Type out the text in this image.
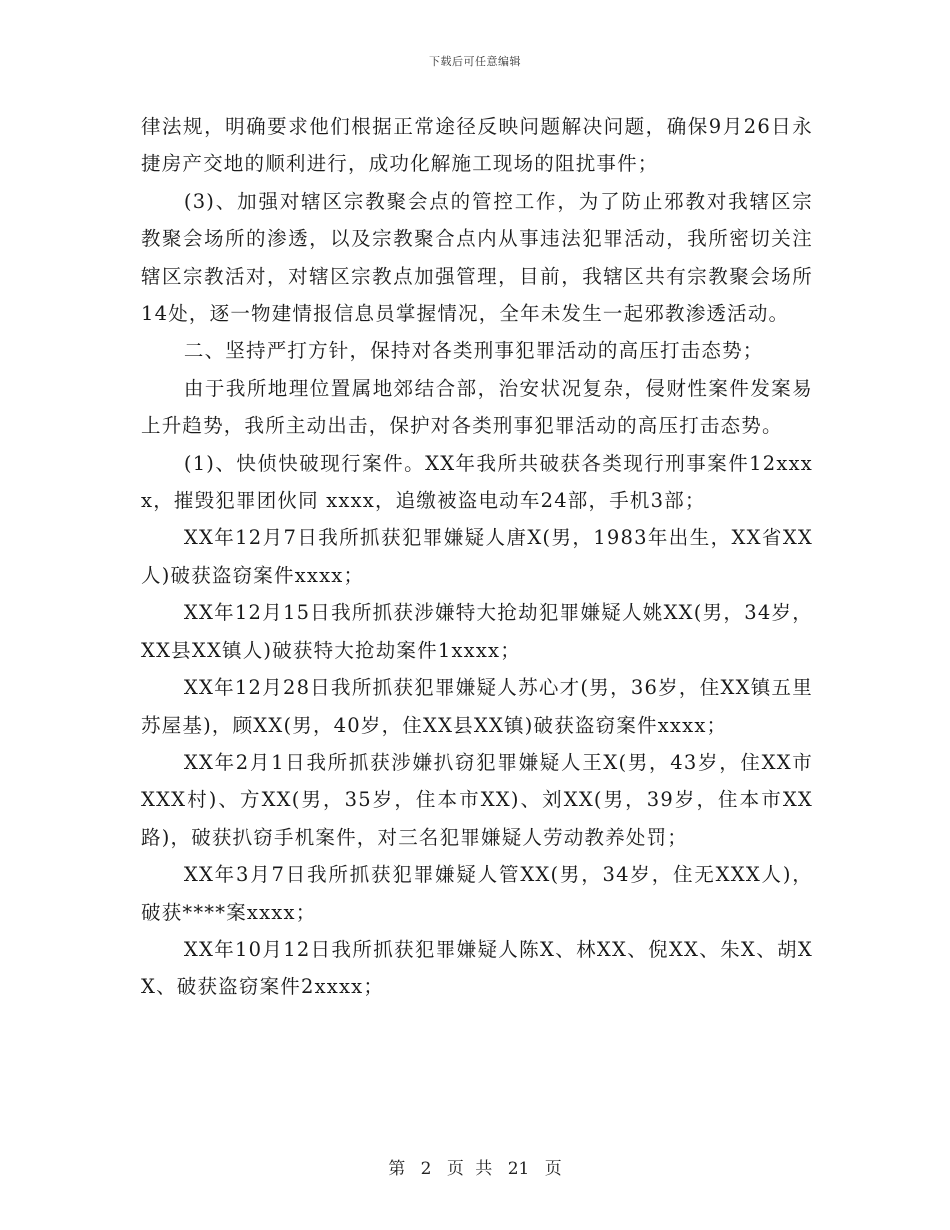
下载后可任意编辑

律法规，明确要求他们根据正常途径反映问题解决问题，确保9月26日永捷房产交地的顺利进行，成功化解施工现场的阻扰事件；

(3)、加强对辖区宗教聚会点的管控工作，为了防止邪教对我辖区宗教聚会场所的渗透，以及宗教聚合点内从事违法犯罪活动，我所密切关注辖区宗教活对，对辖区宗教点加强管理，目前，我辖区共有宗教聚会场所14处，逐一物建情报信息员掌握情况，全年未发生一起邪教渗透活动。

二、坚持严打方针，保持对各类刑事犯罪活动的高压打击态势；

由于我所地理位置属地郊结合部，治安状况复杂，侵财性案件发案易上升趋势，我所主动出击，保护对各类刑事犯罪活动的高压打击态势。

(1)、快侦快破现行案件。XX年我所共破获各类现行刑事案件12xxxx，摧毁犯罪团伙同 xxxx，追缴被盗电动车24部，手机3部；

XX年12月7日我所抓获犯罪嫌疑人唐X(男，1983年出生，XX省XX人)破获盗窃案件xxxx；

XX年12月15日我所抓获涉嫌特大抢劫犯罪嫌疑人姚XX(男，34岁，XX县XX镇人)破获特大抢劫案件1xxxx；

XX年12月28日我所抓获犯罪嫌疑人苏心才(男，36岁，住XX镇五里苏屋基)，顾XX(男，40岁，住XX县XX镇)破获盗窃案件xxxx；

XX年2月1日我所抓获涉嫌扒窃犯罪嫌疑人王X(男，43岁，住XX市XXX村)、方XX(男，35岁，住本市XX)、刘XX(男，39岁，住本市XX路)，破获扒窃手机案件，对三名犯罪嫌疑人劳动教养处罚；

XX年3月7日我所抓获犯罪嫌疑人管XX(男，34岁，住无XXX人)，破获****案xxxx；

XX年10月12日我所抓获犯罪嫌疑人陈X、林XX、倪XX、朱X、胡XX、破获盗窃案件2xxxx；

第 2 页 共 21 页
